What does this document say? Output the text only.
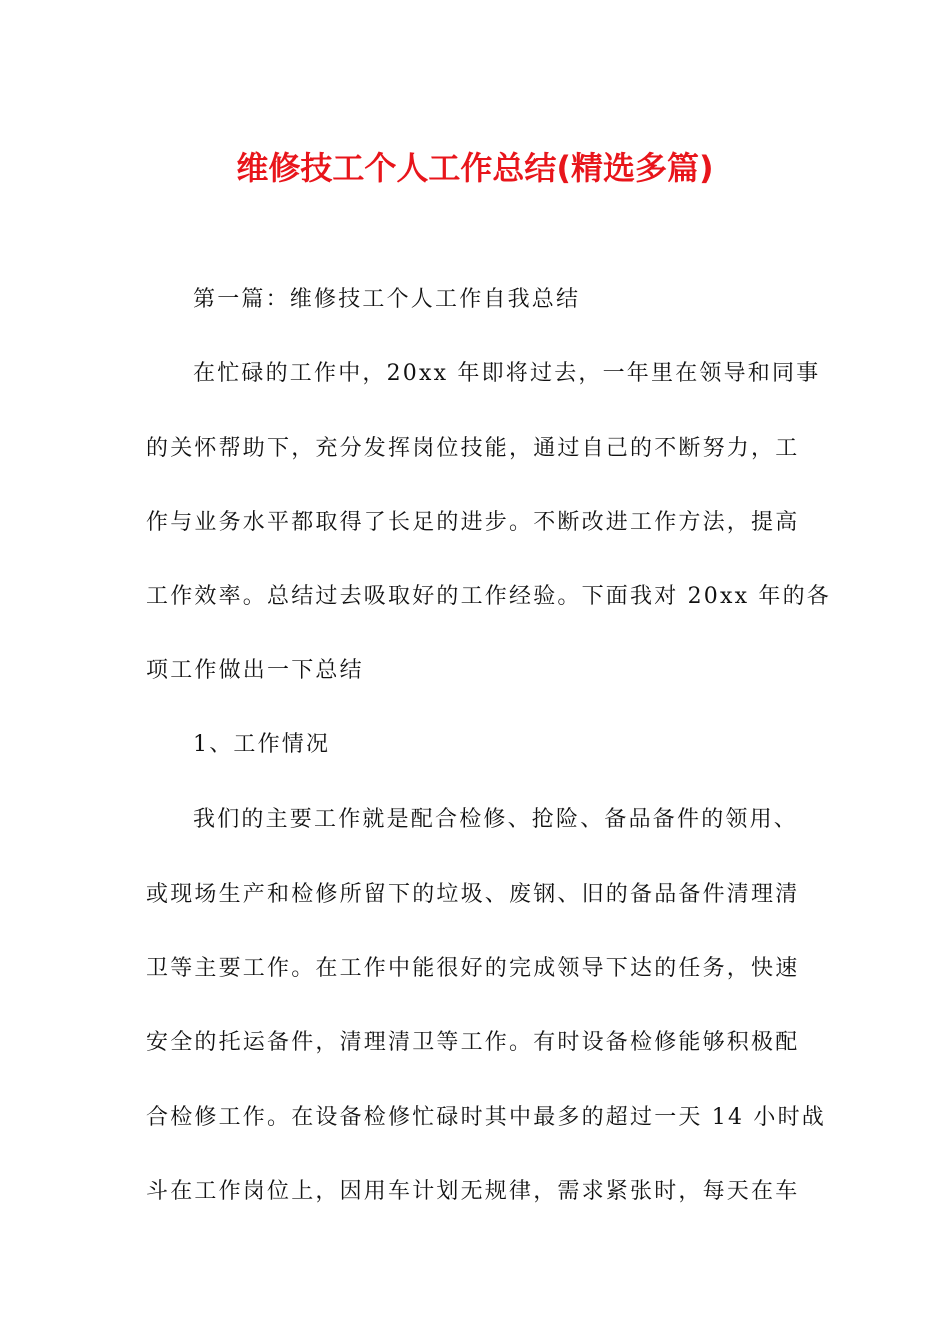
维修技工个人工作总结(精选多篇)

第一篇：维修技工个人工作自我总结

在忙碌的工作中，20xx 年即将过去，一年里在领导和同事

的关怀帮助下，充分发挥岗位技能，通过自己的不断努力，工

作与业务水平都取得了长足的进步。不断改进工作方法，提高

工作效率。总结过去吸取好的工作经验。下面我对 20xx 年的各

项工作做出一下总结

1、工作情况

我们的主要工作就是配合检修、抢险、备品备件的领用、

或现场生产和检修所留下的垃圾、废钢、旧的备品备件清理清

卫等主要工作。在工作中能很好的完成领导下达的任务，快速

安全的托运备件，清理清卫等工作。有时设备检修能够积极配

合检修工作。在设备检修忙碌时其中最多的超过一天 14 小时战

斗在工作岗位上，因用车计划无规律，需求紧张时，每天在车
